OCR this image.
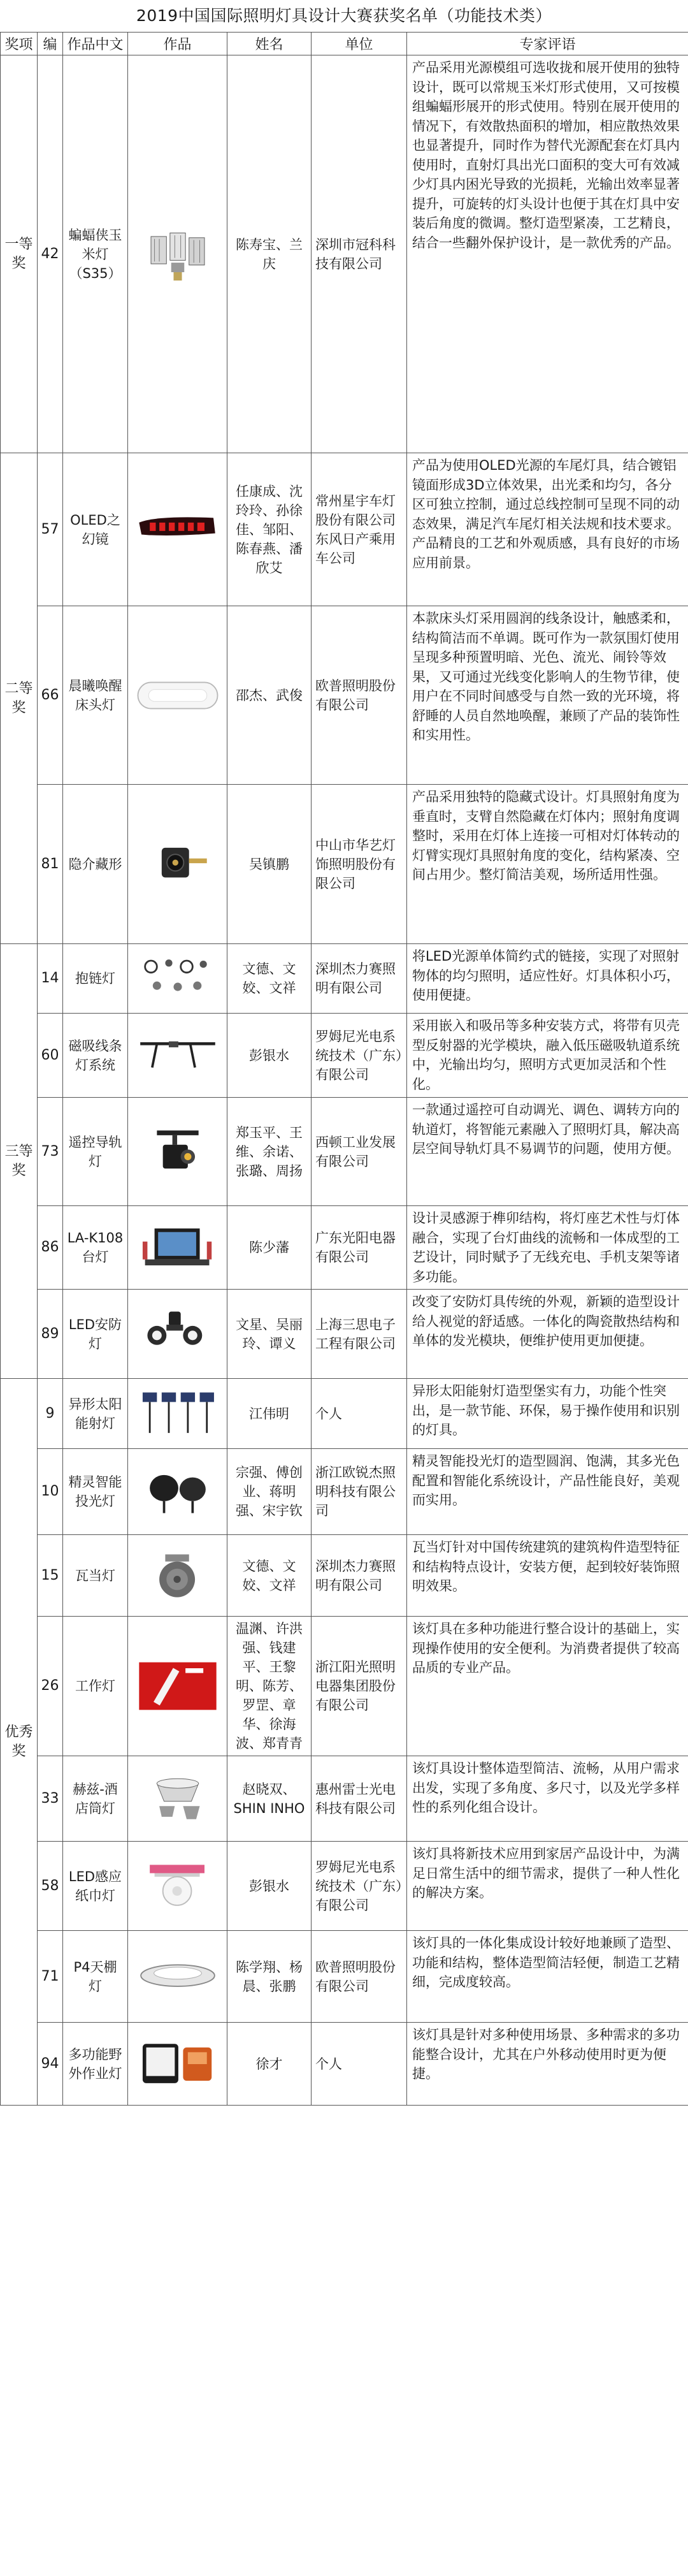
2019中国国际照明灯具设计大赛获奖名单（功能技术类）
奖项	编	作品中文	作品	姓名	单位	专家评语
一等奖	42	蝙蝠侠玉米灯（S35）		陈寿宝、兰庆	深圳市冠科科技有限公司	产品采用光源模组可选收拢和展开使用的独特设计，既可以常规玉米灯形式使用，又可按模组蝙蝠形展开的形式使用。特别在展开使用的情况下，有效散热面积的增加，相应散热效果也显著提升，同时作为替代光源配套在灯具内使用时，直射灯具出光口面积的变大可有效减少灯具内困光导致的光损耗，光输出效率显著提升，可旋转的灯头设计也便于其在灯具中安装后角度的微调。整灯造型紧凑，工艺精良，结合一些翻外保护设计，是一款优秀的产品。
二等奖	57	OLED之幻镜		任康成、沈玲玲、孙徐佳、邹阳、陈春燕、潘欣艾	常州星宇车灯股份有限公司　东风日产乘用车公司	产品为使用OLED光源的车尾灯具，结合镀铝镜面形成3D立体效果，出光柔和均匀，各分区可独立控制，通过总线控制可呈现不同的动态效果，满足汽车尾灯相关法规和技术要求。产品精良的工艺和外观质感，具有良好的市场应用前景。
	66	晨曦唤醒床头灯		邵杰、武俊	欧普照明股份有限公司	本款床头灯采用圆润的线条设计，触感柔和，结构简洁而不单调。既可作为一款氛围灯使用呈现多种预置明暗、光色、流光、闹铃等效果，又可通过光线变化影响人的生物节律，使用户在不同时间感受与自然一致的光环境，将舒睡的人员自然地唤醒，兼顾了产品的装饰性和实用性。
	81	隐介藏形		吴镇鹏	中山市华艺灯饰照明股份有限公司	产品采用独特的隐藏式设计。灯具照射角度为垂直时，支臂自然隐藏在灯体内；照射角度调整时，采用在灯体上连接一可相对灯体转动的灯臂实现灯具照射角度的变化，结构紧凑、空间占用少。整灯简洁美观，场所适用性强。
三等奖	14	抱链灯		文德、文姣、文祥	深圳杰力赛照明有限公司	将LED光源单体简约式的链接，实现了对照射物体的均匀照明，适应性好。灯具体积小巧，使用便捷。
	60	磁吸线条灯系统		彭银水	罗姆尼光电系统技术（广东）有限公司	采用嵌入和吸吊等多种安装方式，将带有贝壳型反射器的光学模块，融入低压磁吸轨道系统中，光输出均匀，照明方式更加灵活和个性化。
	73	遥控导轨灯		郑玉平、王维、余诺、张璐、周扬	西顿工业发展有限公司	一款通过遥控可自动调光、调色、调转方向的轨道灯，将智能元素融入了照明灯具，解决高层空间导轨灯具不易调节的问题，使用方便。
	86	LA-K108台灯		陈少藩	广东光阳电器有限公司	设计灵感源于榫卯结构，将灯座艺术性与灯体融合，实现了台灯曲线的流畅和一体成型的工艺设计，同时赋予了无线充电、手机支架等诸多功能。
	89	LED安防灯		文星、吴丽玲、谭义	上海三思电子工程有限公司	改变了安防灯具传统的外观，新颖的造型设计给人视觉的舒适感。一体化的陶瓷散热结构和单体的发光模块，便维护使用更加便捷。
优秀奖	9	异形太阳能射灯		江伟明	个人	异形太阳能射灯造型堡实有力，功能个性突出，是一款节能、环保，易于操作使用和识别的灯具。
	10	精灵智能投光灯		宗强、傅创业、蒋明强、宋宇钦	浙江欧锐杰照明科技有限公司	精灵智能投光灯的造型圆润、饱满，其多光色配置和智能化系统设计，产品性能良好，美观而实用。
	15	瓦当灯		文德、文姣、文祥	深圳杰力赛照明有限公司	瓦当灯针对中国传统建筑的建筑构件造型特征和结构特点设计，安装方便，起到较好装饰照明效果。
	26	工作灯		温渊、许洪强、钱建平、王黎明、陈芳、罗罡、章华、徐海波、郑青青	浙江阳光照明电器集团股份有限公司	该灯具在多种功能进行整合设计的基础上，实现操作使用的安全便利。为消费者提供了较高品质的专业产品。
	33	赫兹-酒店筒灯		赵晓双、SHIN INHO	惠州雷士光电科技有限公司	该灯具设计整体造型简洁、流畅，从用户需求出发，实现了多角度、多尺寸，以及光学多样性的系列化组合设计。
	58	LED感应纸巾灯		彭银水	罗姆尼光电系统技术（广东）有限公司	该灯具将新技术应用到家居产品设计中，为满足日常生活中的细节需求，提供了一种人性化的解决方案。
	71	P4天棚灯		陈学翔、杨晨、张鹏	欧普照明股份有限公司	该灯具的一体化集成设计较好地兼顾了造型、功能和结构，整体造型简洁轻便，制造工艺精细，完成度较高。
	94	多功能野外作业灯		徐才	个人	该灯具是针对多种使用场景、多种需求的多功能整合设计，尤其在户外移动使用时更为便捷。
